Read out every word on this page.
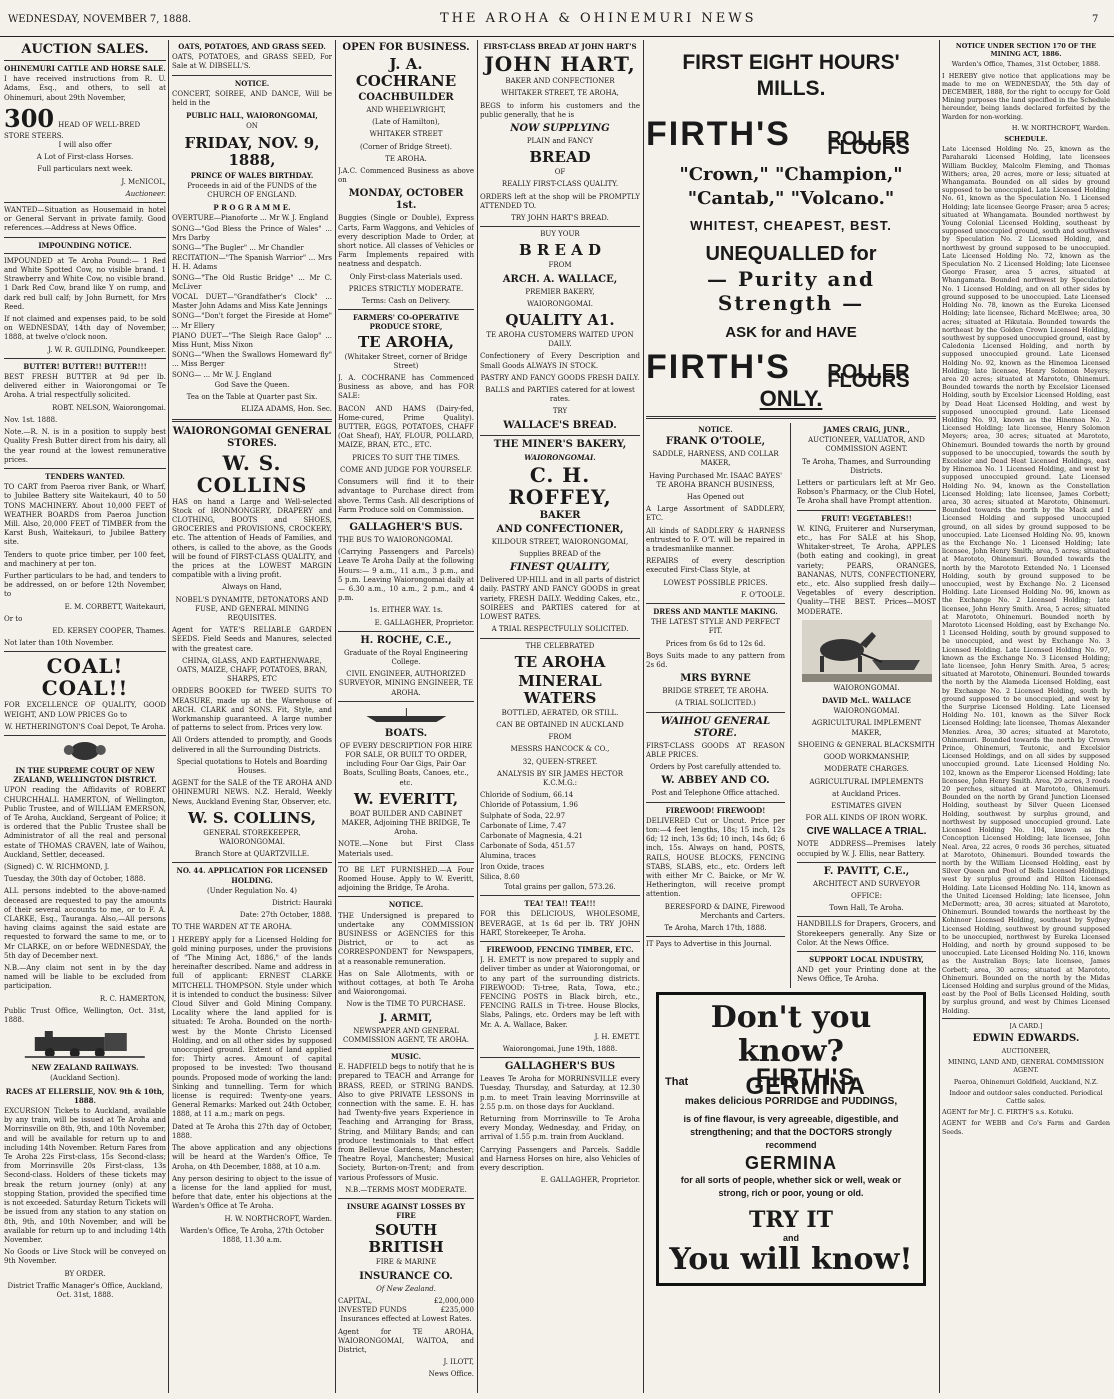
WEDNESDAY, NOVEMBER 7, 1888.	THE AROHA & OHINEMURI NEWS	7
AUCTION SALES.
OHINEMURI CATTLE AND HORSE SALE.

I have received instructions from R. U. Adams, Esq., and others, to sell at Ohinemuri, about 29th November,

300 HEAD OF WELL-BRED STORE STEERS.

I will also offer

A Lot of First-class Horses.

Full particulars next week.

J. McNICOL,

Auctioneer.

WANTED—Situation as Housemaid in hotel or General Servant in private family. Good references.—Address at News Office.

IMPOUNDING NOTICE.

IMPOUNDED at Te Aroha Pound:— 1 Red and White Spotted Cow, no visible brand. 1 Strawberry and White Cow, no visible brand. 1 Dark Red Cow, brand like Y on rump, and dark red bull calf; by John Burnett, for Mrs Reed.

If not claimed and expenses paid, to be sold on WEDNESDAY, 14th day of November, 1888, at twelve o'clock noon.

J. W. R. GUILDING, Poundkeeper.

BUTTER! BUTTER!! BUTTER!!!

BEST FRESH BUTTER at 9d per lb. delivered either in Waiorongomai or Te Aroha. A trial respectfully solicited.

ROBT. NELSON, Waiorongomai.

Nov. 1st. 1888.

Note.—R. N. is in a position to supply best Quality Fresh Butter direct from his dairy, all the year round at the lowest remunerative prices.

TENDERS WANTED.

TO CART from Paeroa river Bank, or Wharf, to Jubilee Battery site Waitekauri, 40 to 50 TONS MACHINERY. About 10,000 FEET of WEATHER BOARDS from Paeroa Junction Mill. Also, 20,000 FEET of TIMBER from the Karst Bush, Waitekauri, to Jubilee Battery site.

Tenders to quote price timber, per 100 feet, and machinery at per ton.

Further particulars to be had, and tenders to be addressed, on or before 12th November, to

E. M. CORBETT, Waitekauri,

Or to

ED. KERSEY COOPER, Thames.

Not later than 10th November.

COAL! COAL!!

FOR EXCELLENCE OF QUALITY, GOOD WEIGHT, AND LOW PRICES Go to

W. HETHERINGTON'S Coal Depot, Te Aroha.

IN THE SUPREME COURT OF NEW ZEALAND, WELLINGTON DISTRICT.

UPON reading the Affidavits of ROBERT CHURCHHALL HAMERTON, of Wellington, Public Trustee, and of WILLIAM EMERSON, of Te Aroha, Auckland, Sergeant of Police; it is ordered that the Public Trustee shall be Administrator of all the real and personal estate of THOMAS CRAVEN, late of Waihou, Auckland, Settler, deceased.

(Signed) C. W. RICHMOND, J.

Tuesday, the 30th day of October, 1888.

ALL persons indebted to the above-named deceased are requested to pay the amounts of their several accounts to me, or to F. A. CLARKE, Esq., Tauranga. Also,—All persons having claims against the said estate are requested to forward the same to me, or to Mr CLARKE, on or before WEDNESDAY, the 5th day of December next.

N.B.—Any claim not sent in by the day named will be liable to be excluded from participation.

R. C. HAMERTON,

Public Trust Office, Wellington, Oct. 31st, 1888.

NEW ZEALAND RAILWAYS.

(Auckland Section).

RACES AT ELLERSLIE, NOV. 9th & 10th, 1888.

EXCURSION Tickets to Auckland, available by any train, will be issued at Te Aroha and Morrinsville on 8th, 9th, and 10th November, and will be available for return up to and including 14th November. Return Fares from Te Aroha 22s First-class, 15s Second-class; from Morrinsville 20s First-class, 13s Second-class. Holders of these tickets may break the return journey (only) at any stopping Station, provided the specified time is not exceeded. Saturday Return Tickets will be issued from any station to any station on 8th, 9th, and 10th November, and will be available for return up to and including 14th November.

No Goods or Live Stock will be conveyed on 9th November.

BY ORDER.

District Traffic Manager's Office, Auckland, Oct. 31st, 1888.

OATS, POTATOES, AND GRASS SEED.

OATS, POTATOES, and GRASS SEED, For Sale at W. DIBSELL'S.

NOTICE.

CONCERT, SOIREE, AND DANCE, Will be held in the

PUBLIC HALL, WAIORONGOMAI,

ON

FRIDAY, NOV. 9, 1888,
PRINCE OF WALES BIRTHDAY.

Proceeds in aid of the FUNDS of the CHURCH OF ENGLAND.

P R O G R A M M E.

OVERTURE—Pianoforte ... Mr W. J. England

SONG—"God Bless the Prince of Wales" ... Mrs Darby

SONG—"The Bugler" ... Mr Chandler

RECITATION—"The Spanish Warrior" ... Mrs H. H. Adams

SONG—"The Old Rustic Bridge" ... Mr C. McLiver

VOCAL DUET—"Grandfather's Clock" ... Master John Adams and Miss Kate Jennings

SONG—"Don't forget the Fireside at Home" ... Mr Ellery

PIANO DUET—"The Sleigh Race Galop" ... Miss Hunt, Miss Nixon

SONG—"When the Swallows Homeward fly" ... Miss Berger

SONG— ... Mr W. J. England

God Save the Queen.

Tea on the Table at Quarter past Six.

ELIZA ADAMS, Hon. Sec.

WAIORONGOMAI GENERAL STORES.
W. S. COLLINS

HAS on hand a Large and Well-selected Stock of IRONMONGERY, DRAPERY and CLOTHING, BOOTS and SHOES, GROCERIES and PROVISIONS, CROCKERY, etc. The attention of Heads of Families, and others, is called to the above, as the Goods will be found of FIRST-CLASS QUALITY, and the prices at the LOWEST MARGIN compatible with a living profit.

Always on Hand,

NOBEL'S DYNAMITE, DETONATORS AND FUSE, AND GENERAL MINING REQUISITES.

Agent for YATE'S RELIABLE GARDEN SEEDS. Field Seeds and Manures, selected with the greatest care.

CHINA, GLASS, AND EARTHENWARE, OATS, MAIZE, CHAFF, POTATOES, BRAN, SHARPS, ETC

ORDERS BOOKED for TWEED SUITS TO MEASURE, made up at the Warehouse of ARCH. CLARK and SONS. Fit, Style, and Workmanship guaranteed. A large number of patterns to select from. Prices very low.

All Orders attended to promptly, and Goods delivered in all the Surrounding Districts.

Special quotations to Hotels and Boarding Houses.

AGENT for the SALE of the TE AROHA AND OHINEMURI NEWS. N.Z. Herald, Weekly News, Auckland Evening Star, Observer, etc.

W. S. COLLINS,

GENERAL STOREKEEPER, WAIORONGOMAI.

Branch Store at QUARTZVILLE.

NO. 44. APPLICATION FOR LICENSED HOLDING.

(Under Regulation No. 4)

District: Hauraki

Date: 27th October, 1888.

TO THE WARDEN AT TE AROHA.

I HEREBY apply for a Licensed Holding for gold mining purposes, under the provisions of "The Mining Act, 1886," of the lands hereinafter described. Name and address in full of applicant: ERNEST CLARKE MITCHELL THOMPSON. Style under which it is intended to conduct the business: Silver Cloud Silver and Gold Mining Company. Locality where the land applied for is situated: Te Aroha. Bounded on the north-west by the Monte Christo Licensed Holding, and on all other sides by supposed unoccupied ground. Extent of land applied for: Thirty acres. Amount of capital proposed to be invested: Two thousand pounds. Proposed mode of working the land: Sinking and tunnelling. Term for which license is required: Twenty-one years. General Remarks: Marked out 24th October, 1888, at 11 a.m.; mark on pegs.

Dated at Te Aroha this 27th day of October, 1888.

The above application and any objections will be heard at the Warden's Office, Te Aroha, on 4th December, 1888, at 10 a.m.

Any person desiring to object to the issue of a license for the land applied for must, before that date, enter his objections at the Warden's Office at Te Aroha.

H. W. NORTHCROFT, Warden.

Warden's Office, Te Aroha, 27th October 1888, 11.30 a.m.

OPEN FOR BUSINESS.
J. A. COCHRANE
COACHBUILDER

AND WHEELWRIGHT,

(Late of Hamilton),

WHITAKER STREET

(Corner of Bridge Street).

TE AROHA.

J.A.C. Commenced Business as above on

MONDAY, OCTOBER 1st.

Buggies (Single or Double), Express Carts, Farm Waggons, and Vehicles of every description Made to Order, at short notice. All classes of Vehicles or Farm Implements repaired with neatness and despatch.

Only First-class Materials used.

PRICES STRICTLY MODERATE.

Terms: Cash on Delivery.

FARMERS' CO-OPERATIVE PRODUCE STORE,
TE AROHA,

(Whitaker Street, corner of Bridge Street)

J. A. COCHRANE has Commenced Business as above, and has FOR SALE:

BACON AND HAMS (Dairy-fed, Home-cured, Prime Quality). BUTTER, EGGS, POTATOES, CHAFF (Oat Sheaf), HAY, FLOUR, POLLARD, MAIZE, BRAN, ETC., ETC.

PRICES TO SUIT THE TIMES.

COME AND JUDGE FOR YOURSELF.

Consumers will find it to their advantage to Purchase direct from above. Terms Cash. All descriptions of Farm Produce sold on Commission.

GALLAGHER'S BUS.

THE BUS TO WAIORONGOMAI.

(Carrying Passengers and Parcels) Leave Te Aroha Daily at the following Hours:— 9 a.m., 11 a.m., 3 p.m., and 5 p.m. Leaving Waiorongomai daily at— 6.30 a.m., 10 a.m., 2 p.m., and 4 p.m.

1s. EITHER WAY. 1s.

E. GALLAGHER, Proprietor.

H. ROCHE, C.E.,

Graduate of the Royal Engineering College.

CIVIL ENGINEER, AUTHORIZED SURVEYOR, MINING ENGINEER, TE AROHA.

BOATS.

OF EVERY DESCRIPTION FOR HIRE FOR SALE, OR BUILT TO ORDER, including Four Oar Gigs, Pair Oar Boats, Sculling Boats, Canoes, etc., etc.

W. EVERITT,

BOAT BUILDER AND CABINET MAKER, Adjoining THE BRIDGE, Te Aroha.

NOTE.—None but First Class Materials used.

TO BE LET FURNISHED.—A Four Roomed House. Apply to W. Everitt, adjoining the Bridge, Te Aroha.

NOTICE.

THE Undersigned is prepared to undertake any COMMISSION BUSINESS or AGENCIES for this District, or to act as CORRESPONDENT for Newspapers, at a reasonable remuneration.

Has on Sale Allotments, with or without cottages, at both Te Aroha and Waiorongomai.

Now is the TIME TO PURCHASE.

J. ARMIT,

NEWSPAPER AND GENERAL COMMISSION AGENT, TE AROHA.

MUSIC.

E. HADFIELD begs to notify that he is prepared to TEACH and Arrange for BRASS, REED, or STRING BANDS. Also to give PRIVATE LESSONS in connection with the same. E. H. has had Twenty-five years Experience in Teaching and Arranging for Brass, String, and Military Bands; and can produce testimonials to that effect from Bellevue Gardens, Manchester; Theatre Royal, Manchester; Musical Society, Burton-on-Trent; and from various Professors of Music.

N.B.—TERMS MOST MODERATE.

INSURE AGAINST LOSSES BY FIRE
SOUTH BRITISH

FIRE & MARINE

INSURANCE CO.

Of New Zealand.

CAPITAL,	£2,000,000
INVESTED FUNDS	£235,000

Insurances effected at Lowest Rates.

Agent for TE AROHA, WAIORONGOMAI, WAITOA, and District,

J. ILOTT,

News Office.

FIRST-CLASS BREAD AT JOHN HART'S
JOHN HART,

BAKER AND CONFECTIONER

WHITAKER STREET, TE AROHA,

BEGS to inform his customers and the public generally, that he is

NOW SUPPLYING

PLAIN and FANCY

BREAD

OF

REALLY FIRST-CLASS QUALITY.

ORDERS left at the shop will be PROMPTLY ATTENDED TO.

TRY JOHN HART'S BREAD.

BUY YOUR

B R E A D

FROM

ARCH. A. WALLACE,

PREMIER BAKERY,

WAIORONGOMAI.

QUALITY A1.

TE AROHA CUSTOMERS WAITED UPON DAILY.

Confectionery of Every Description and Small Goods ALWAYS IN STOCK.

PASTRY AND FANCY GOODS FRESH DAILY.

BALLS and PARTIES catered for at lowest rates.

TRY

WALLACE'S BREAD.
THE MINER'S BAKERY,
WAIORONGOMAI.
C. H. ROFFEY,
BAKER
AND CONFECTIONER,

KILDOUR STREET, WAIORONGOMAI,

Supplies BREAD of the

FINEST QUALITY,

Delivered UP-HILL and in all parts of district daily. PASTRY AND FANCY GOODS in great variety, FRESH DAILY. Wedding Cakes, etc., SOIREES and PARTIES catered for at LOWEST RATES.

A TRIAL RESPECTFULLY SOLICITED.

THE CELEBRATED

TE AROHA
MINERAL WATERS

BOTTLED, AERATED, OR STILL.

CAN BE OBTAINED IN AUCKLAND

FROM

MESSRS HANCOCK & CO.,

32, QUEEN-STREET.

ANALYSIS BY SIR JAMES HECTOR K.C.M.G.:

Chloride of Sodium, 66.14

Chloride of Potassium, 1.96

Sulphate of Soda, 22.97

Carbonate of Lime, 7.47

Carbonate of Magnesia, 4.21

Carbonate of Soda, 451.57

Alumina, traces

Iron Oxide, traces

Silica, 8.60

Total grains per gallon, 573.26.

TEA! TEA!! TEA!!!

FOR this DELICIOUS, WHOLESOME, BEVERAGE, at 1s 6d per lb. TRY JOHN HART, Storekeeper, Te Aroha.

FIREWOOD, FENCING TIMBER, ETC.

J. H. EMETT is now prepared to supply and deliver timber as under at Waiorongomai, or to any part of the surrounding districts. FIREWOOD: Ti-tree, Rata, Towa, etc.; FENCING POSTS in Black birch, etc., FENCING RAILS in Ti-tree. House Blocks, Slabs, Palings, etc. Orders may be left with Mr. A. A. Wallace, Baker.

J. H. EMETT.

Waiorongomai, June 19th, 1888.

GALLAGHER'S BUS

Leaves Te Aroha for MORRINSVILLE every Tuesday, Thursday, and Saturday, at 12.30 p.m. to meet Train leaving Morrinsville at 2.55 p.m. on those days for Auckland.

Returning from Morrinsville to Te Aroha every Monday, Wednesday, and Friday, on arrival of 1.55 p.m. train from Auckland.

Carrying Passengers and Parcels. Saddle and Harness Horses on hire, also Vehicles of every description.

E. GALLAGHER, Proprietor.

FIRST EIGHT HOURS' MILLS.
FIRTH'S	ROLLER FLOURS
"Crown," "Champion," "Cantab," "Volcano."
WHITEST, CHEAPEST, BEST.
UNEQUALLED for
— Purity and Strength —
ASK for and HAVE
FIRTH'S	ROLLER FLOURS
ONLY.
NOTICE.
FRANK O'TOOLE,

SADDLE, HARNESS, AND COLLAR MAKER,

Having Purchased Mr. ISAAC BAYES' TE AROHA BRANCH BUSINESS,

Has Opened out

A Large Assortment of SADDLERY, ETC.

All kinds of SADDLERY & HARNESS entrusted to F. O'T. will be repaired in a tradesmanlike manner.

REPAIRS of every description executed First-Class Style, at

LOWEST POSSIBLE PRICES.

F. O'TOOLE.

DRESS AND MANTLE MAKING.

THE LATEST STYLE AND PERFECT FIT.

Prices from 6s 6d to 12s 6d.

Boys Suits made to any pattern from 2s 6d.

MRS BYRNE

BRIDGE STREET, TE AROHA.

(A TRIAL SOLICITED.)

WAIHOU GENERAL STORE.

FIRST-CLASS GOODS AT REASON ABLE PRICES.

Orders by Post carefully attended to.

W. ABBEY AND CO.

Post and Telephone Office attached.

FIREWOOD! FIREWOOD!

DELIVERED Cut or Uncut. Price per ton:—4 feet lengths, 18s; 15 inch, 12s 6d; 12 inch, 13s 6d; 10 inch, 14s 6d; 6 inch, 15s. Always on hand, POSTS, RAILS, HOUSE BLOCKS, FENCING STABS, SLABS, etc., etc. Orders left with either Mr C. Baicke, or Mr W. Hetherington, will receive prompt attention.

BERESFORD & DAINE, Firewood Merchants and Carters.

Te Aroha, March 17th, 1888.

IT Pays to Advertise in this Journal.

JAMES CRAIG, JUNR.,

AUCTIONEER, VALUATOR, AND COMMISSION AGENT.

Te Aroha, Thames, and Surrounding Districts.

Letters or particulars left at Mr Geo. Robson's Pharmacy, or the Club Hotel, Te Aroha shall have Prompt attention.

FRUIT! VEGETABLES!!

W. KING, Fruiterer and Nurseryman, etc., has For SALE at his Shop, Whitaker-street, Te Aroha, APPLES (both eating and cooking), in great variety; PEARS, ORANGES, BANANAS, NUTS, CONFECTIONERY, etc., etc. Also supplied fresh daily—Vegetables of every description. Quality—THE BEST. Prices—MOST MODERATE.

WAIORONGOMAI.

DAVID McL. WALLACE

WAIORONGOMAI.

AGRICULTURAL IMPLEMENT MAKER,

SHOEING & GENERAL BLACKSMITH

GOOD WORKMANSHIP,

MODERATE CHARGES.

AGRICULTURAL IMPLEMENTS

at Auckland Prices.

ESTIMATES GIVEN

FOR ALL KINDS OF IRON WORK.

CIVE WALLACE A TRIAL.

NOTE ADDRESS—Premises lately occupied by W. J. Ellis, near Battery.

F. PAVITT, C.E.,

ARCHITECT AND SURVEYOR

OFFICE:

Town Hall, Te Aroha.

HANDBILLS for Drapers, Grocers, and Storekeepers generally. Any Size or Color. At the News Office.

SUPPORT LOCAL INDUSTRY,

AND get your Printing done at the News Office, Te Aroha.

Don't you know?
That	FIRTH'S GERMINA
makes delicious PORRIDGE and PUDDINGS,
is of fine flavour, is very agreeable, digestible, and strengthening; and that the DOCTORS strongly recommend
GERMINA
for all sorts of people, whether sick or well, weak or strong, rich or poor, young or old.
TRY IT
and
You will know!
NOTICE UNDER SECTION 170 OF THE MINING ACT, 1886.

Warden's Office, Thames, 31st October, 1888.

I HEREBY give notice that applications may be made to me on WEDNESDAY, the 5th day of DECEMBER, 1888, for the right to occupy for Gold Mining purposes the land specified in the Schedule hereunder, being lands declared forfeited by the Warden for non-working.

H. W. NORTHCROFT, Warden.

SCHEDULE.

Late Licensed Holding No. 25, known as the Paraharaki Licensed Holding, late licensees William Buckley, Malcolm Fleming, and Thomas Withers; area, 20 acres, more or less; situated at Whangamata. Bounded on all sides by ground supposed to be unoccupied. Late Licensed Holding No. 61, known as the Speculation No. 1 Licensed Holding; late licensee George Fraser; area 5 acres; situated at Whangamata. Bounded northwest by Young Colonial Licensed Holding, southeast by supposed unoccupied ground, south and southwest by Speculation No. 2 Licensed Holding, and northwest by ground supposed to be unoccupied. Late Licensed Holding No. 72, known as the Speculation No. 2 Licensed Holding; late Licensee George Fraser, area 5 acres, situated at Whangamata. Bounded northwest by Speculation No. 1 Licensed Holding, and on all other sides by ground supposed to be unoccupied. Late Licensed Holding No. 78, known as the Eureka Licensed Holding; late licensee, Richard McElwee; area, 30 acres; situated at Hikutaia. Bounded towards the northeast by the Golden Crown Licensed Holding, southwest by supposed unoccupied ground, east by Caledonia Licensed Holding, and north by supposed unoccupied ground. Late Licensed Holding No. 92, known as the Hinemoa Licensed Holding; late licensee, Henry Solomon Meyers; area 20 acres; situated at Marototo, Ohinemuri. Bounded towards the north by Excelsior Licensed Holding, south by Excelsior Licensed Holding, east by Dead Heat Licensed Holding, and west by supposed unoccupied ground. Late Licensed Holding No. 93, known as the Hinemoa No. 2 Licensed Holding; late licensee, Henry Solomon Meyers; area, 30 acres; situated at Marototo, Ohinemuri. Bounded towards the north by ground supposed to be unoccupied, towards the south by Excelsior and Dead Heat Licensed Holdings, east by Hinemoa No. 1 Licensed Holding, and west by supposed unoccupied ground. Late Licensed Holding No. 94, known as the Constellation Licensed Holding; late licensee, James Corbett; area, 30 acres; situated at Marototo, Ohinemuri. Bounded towards the north by the Mack and I Licensed Holding and supposed unoccupied ground, on all sides by ground supposed to be unoccupied. Late Licensed Holding No. 95, known as the Exchange No. 1 Licensed Holding; late licensee, John Henry Smith; area, 5 acres; situated at Marototo, Ohinemuri. Bounded towards the north by the Marototo Extended No. 1 Licensed Holding, south by ground supposed to be unoccupied, west by Exchange No. 2 Licensed Holding. Late Licensed Holding No. 96, known as the Exchange No. 2 Licensed Holding; late licensee, John Henry Smith. Area, 5 acres; situated at Marototo, Ohinemuri. Bounded north by Marototo Licensed Holding, east by Exchange No. 1 Licensed Holding, south by ground supposed to be unoccupied, and west by Exchange No. 3 Licensed Holding. Late Licensed Holding No. 97, known as the Exchange No. 3 Licensed Holding; late licensee, John Henry Smith. Area, 5 acres; situated at Marototo, Ohinemuri. Bounded towards the north by the Alameda Licensed Holding, east by Exchange No. 2 Licensed Holding, south by ground supposed to be unoccupied, and west by the Surprise Licensed Holding. Late Licensed Holding No. 101, known as the Silver Rock Licensed Holding; late licensee, Thomas Alexander Menzies. Area, 30 acres; situated at Marototo, Ohinemuri. Bounded towards the north by Crown Prince, Ohinemuri, Teutonic, and Excelsior Licensed Holdings, and on all sides by supposed unoccupied ground. Late Licensed Holding No. 102, known as the Emperor Licensed Holding; late licensee, John Henry Smith. Area, 29 acres, 3 roods 20 perches, situated at Marototo, Ohinemuri. Bounded on the north by Grand Junction Licensed Holding, southeast by Silver Queen Licensed Holding, southwest by surplus ground, and northwest by supposed unoccupied ground. Late Licensed Holding No. 104, known as the Conception Licensed Holding; late licensee, John Neal. Area, 22 acres, 0 roods 36 perches, situated at Marototo, Ohinemuri. Bounded towards the north by the William Licensed Holding, east by Silver Queen and Pool of Bells Licensed Holdings, west by surplus ground and Hilton Licensed Holding. Late Licensed Holding No. 114, known as the United Licensed Holding; late licensee, John McDermott; area, 30 acres; situated at Marototo, Ohinemuri. Bounded towards the northeast by the Kohinoor Licensed Holding, southeast by Sydney Licensed Holding, southwest by ground supposed to be unoccupied, northwest by Eureka Licensed Holding, and north by ground supposed to be unoccupied. Late Licensed Holding No. 116, known as the Australian Boys; late licensee, James Corbett; area, 30 acres; situated at Marototo, Ohinemuri. Bounded on the north by the Midas Licensed Holding and surplus ground of the Midas, east by the Pool of Bells Licensed Holding, south by surplus ground, and west by Chimes Licensed Holding.

[A CARD.]

EDWIN EDWARDS.

AUCTIONEER,

MINING, LAND AND, GENERAL COMMISSION AGENT.

Paeroa, Ohinemuri Goldfield, Auckland, N.Z.

Indoor and outdoor sales conducted. Periodical Cattle sales.

AGENT for Mr J. C. FIRTH'S s.s. Kotuku.

AGENT for WEBB and Co's Farm and Garden Seeds.
